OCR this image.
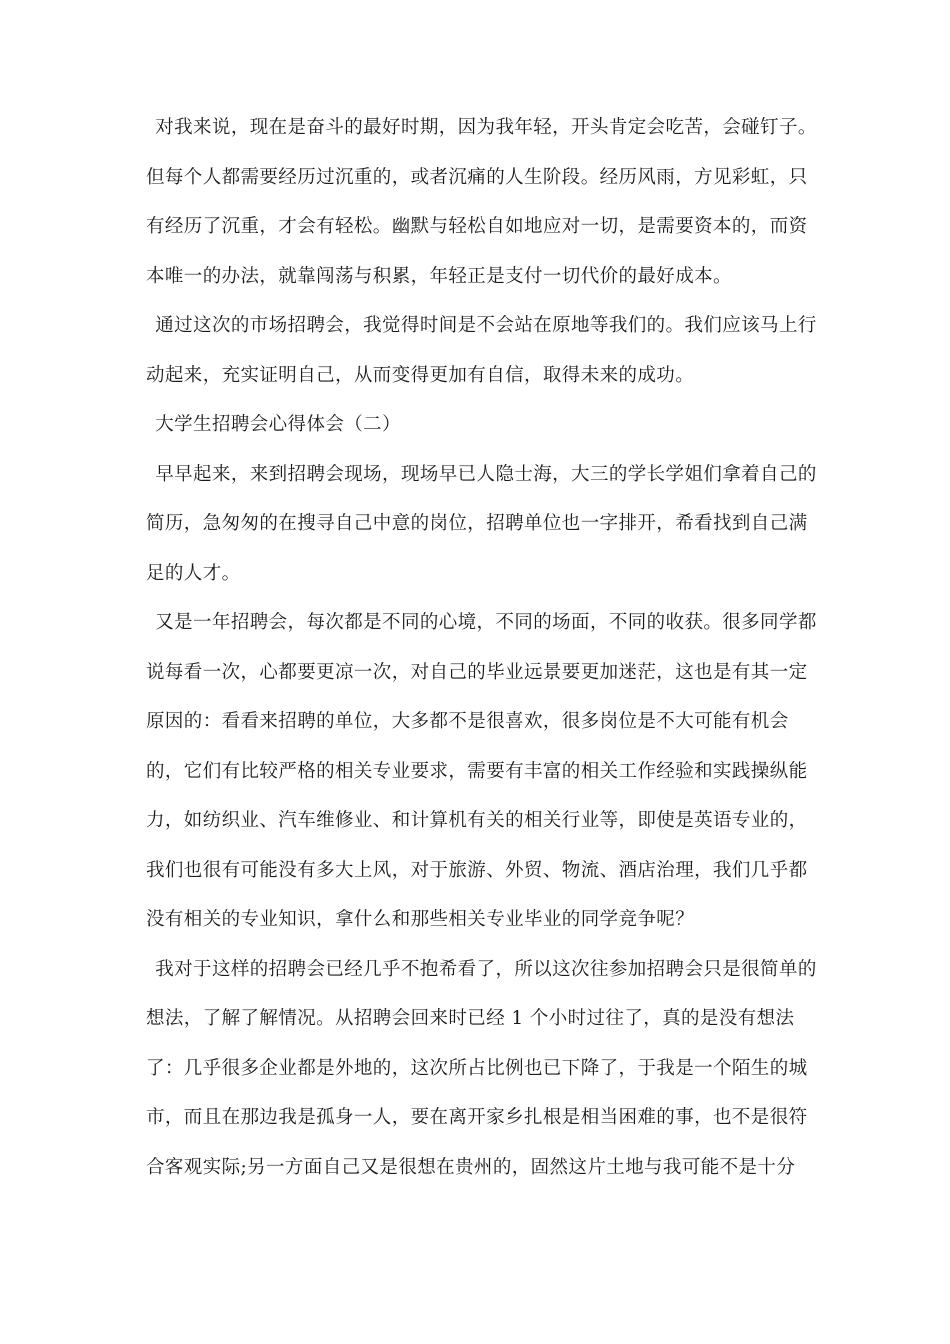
对我来说，现在是奋斗的最好时期，因为我年轻，开头肯定会吃苦，会碰钉子。但每个人都需要经历过沉重的，或者沉痛的人生阶段。经历风雨，方见彩虹，只有经历了沉重，才会有轻松。幽默与轻松自如地应对一切，是需要资本的，而资本唯一的办法，就靠闯荡与积累，年轻正是支付一切代价的最好成本。

通过这次的市场招聘会，我觉得时间是不会站在原地等我们的。我们应该马上行动起来，充实证明自己，从而变得更加有自信，取得未来的成功。

大学生招聘会心得体会（二）

早早起来，来到招聘会现场，现场早已人隐士海，大三的学长学姐们拿着自己的简历，急匆匆的在搜寻自己中意的岗位，招聘单位也一字排开，希看找到自己满足的人才。

又是一年招聘会，每次都是不同的心境，不同的场面，不同的收获。很多同学都说每看一次，心都要更凉一次，对自己的毕业远景要更加迷茫，这也是有其一定原因的：看看来招聘的单位，大多都不是很喜欢，很多岗位是不大可能有机会的，它们有比较严格的相关专业要求，需要有丰富的相关工作经验和实践操纵能力，如纺织业、汽车维修业、和计算机有关的相关行业等，即使是英语专业的，我们也很有可能没有多大上风，对于旅游、外贸、物流、酒店治理，我们几乎都没有相关的专业知识，拿什么和那些相关专业毕业的同学竞争呢？

我对于这样的招聘会已经几乎不抱希看了，所以这次往参加招聘会只是很简单的想法，了解了解情况。从招聘会回来时已经 1 个小时过往了，真的是没有想法了：几乎很多企业都是外地的，这次所占比例也已下降了，于我是一个陌生的城市，而且在那边我是孤身一人，要在离开家乡扎根是相当困难的事，也不是很符合客观实际;另一方面自己又是很想在贵州的，固然这片土地与我可能不是十分
